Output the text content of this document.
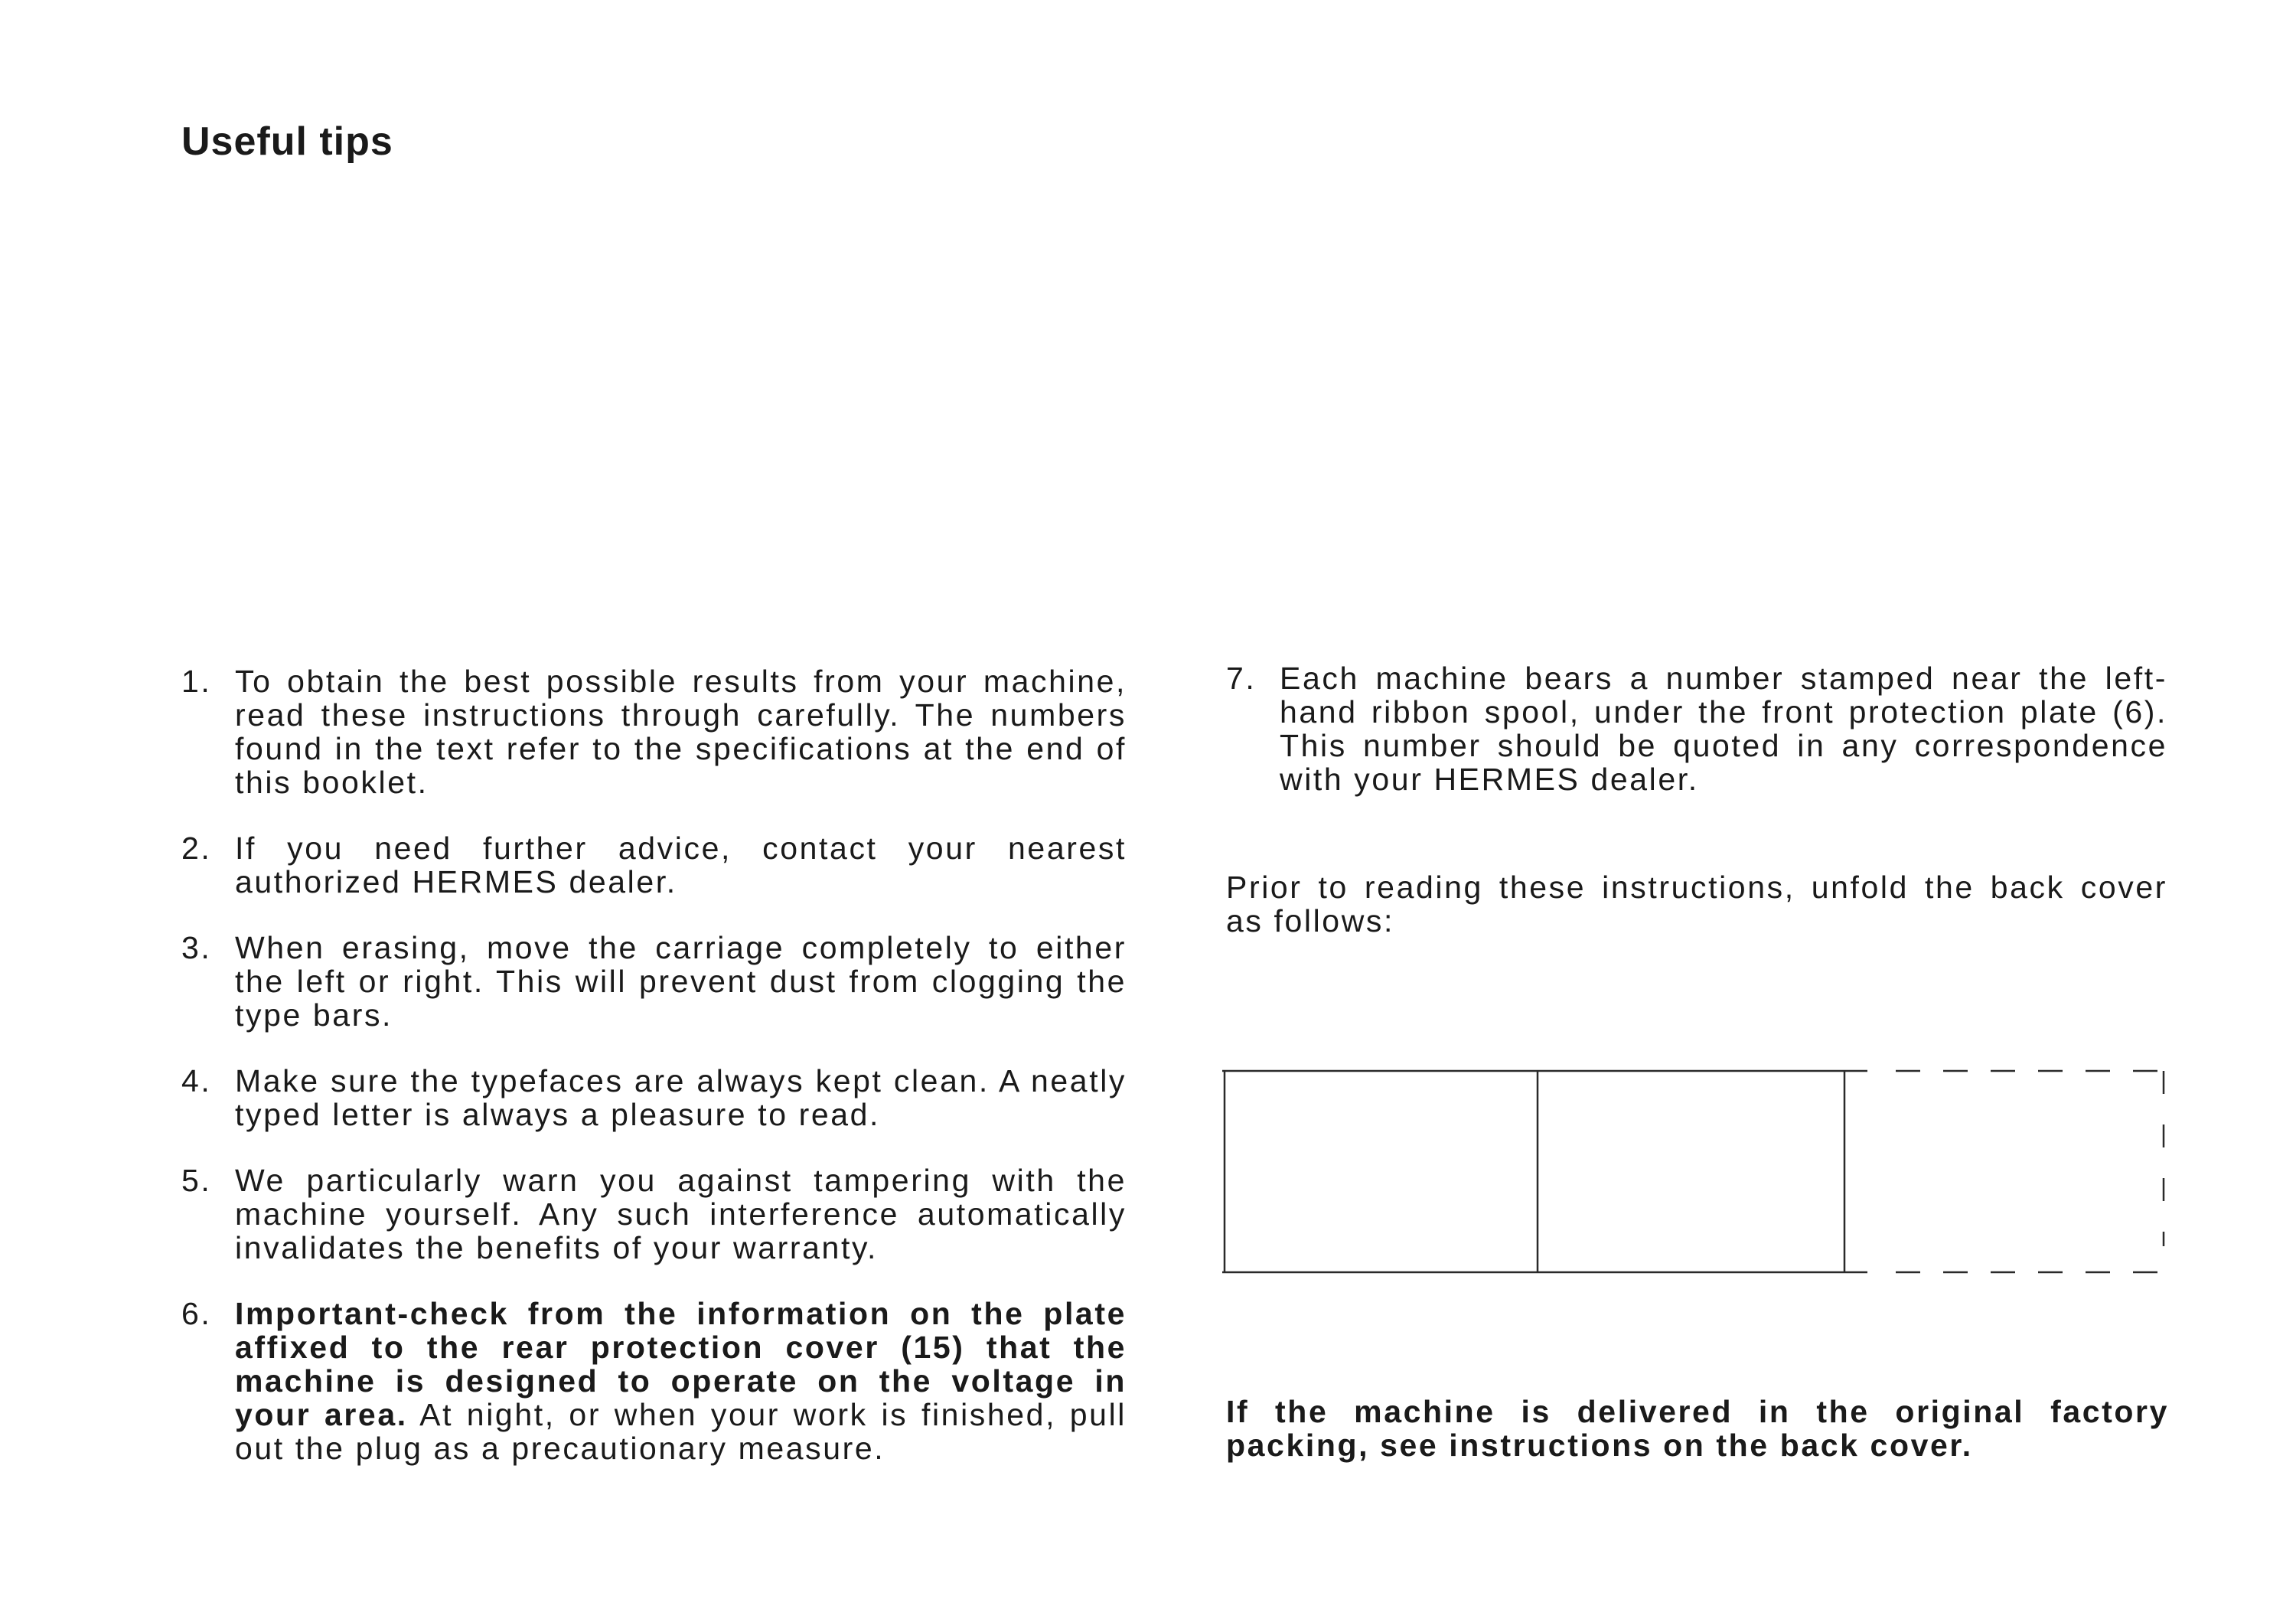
Useful tips
1. To obtain the best possible results from your machine, read these instructions through carefully. The numbers found in the text refer to the specifications at the end of this booklet.
2. If you need further advice, contact your nearest authorized HERMES dealer.
3. When erasing, move the carriage completely to either the left or right. This will prevent dust from clogging the type bars.
4. Make sure the typefaces are always kept clean. A neatly typed letter is always a pleasure to read.
5. We particularly warn you against tampering with the machine yourself. Any such interference automatically invalidates the benefits of your warranty.
6. Important-check from the information on the plate affixed to the rear protection cover (15) that the machine is designed to operate on the voltage in your area. At night, or when your work is finished, pull out the plug as a precautionary measure.
7. Each machine bears a number stamped near the left-hand ribbon spool, under the front protection plate (6). This number should be quoted in any correspondence with your HERMES dealer.
Prior to reading these instructions, unfold the back cover as follows:
If the machine is delivered in the original factory packing, see instructions on the back cover.
